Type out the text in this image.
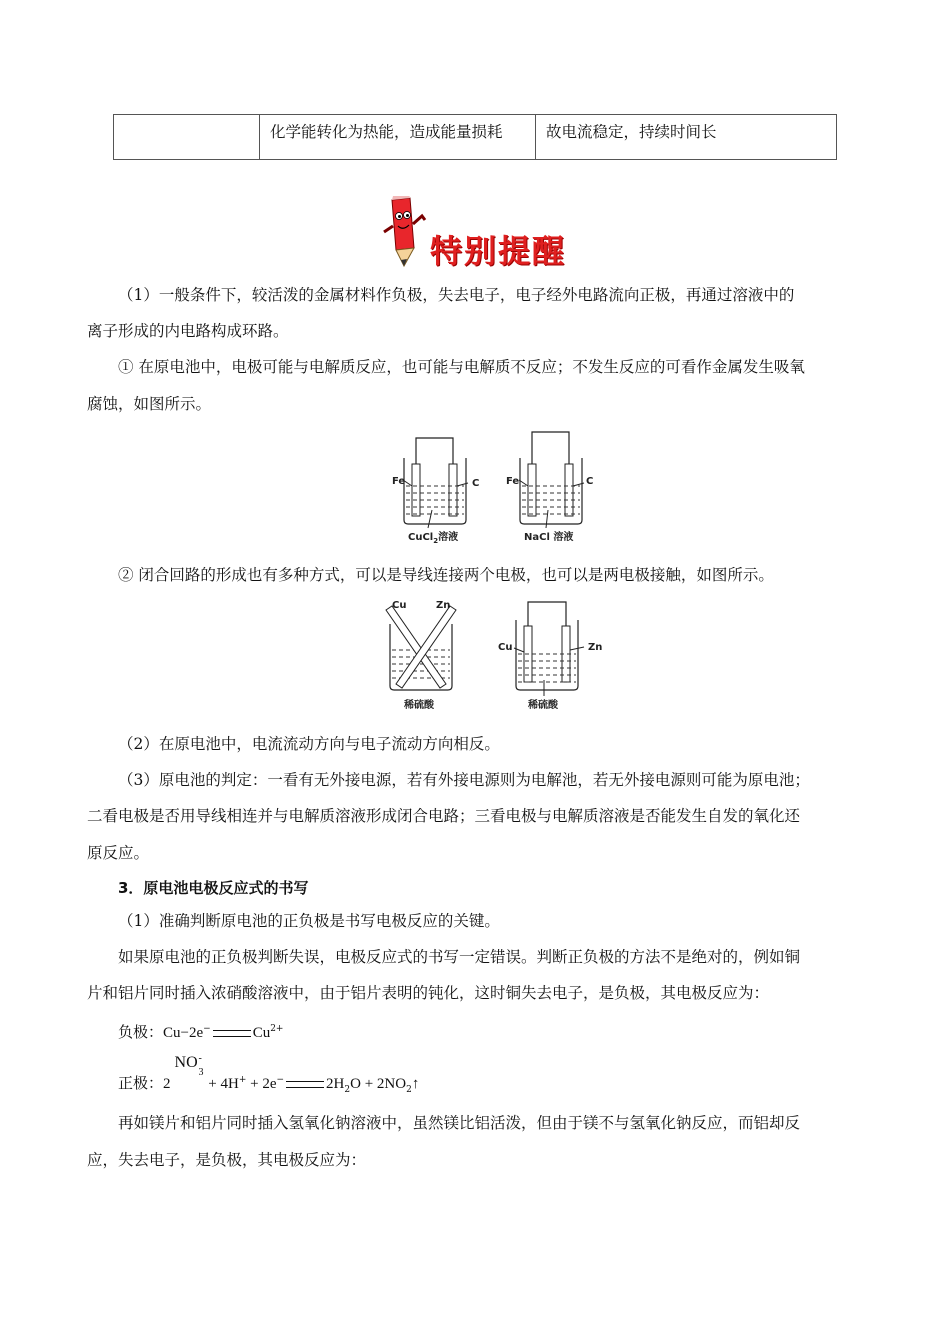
	化学能转化为热能，造成能量损耗	故电流稳定，持续时间长
特别提醒

（1）一般条件下，较活泼的金属材料作负极，失去电子，电子经外电路流向正极，再通过溶液中的

离子形成的内电路构成环路。

① 在原电池中，电极可能与电解质反应，也可能与电解质不反应；不发生反应的可看作金属发生吸氧

腐蚀，如图所示。

Fe	C
CuCl$_2$溶液
Fe	C
NaCl 溶液

② 闭合回路的形成也有多种方式，可以是导线连接两个电极，也可以是两电极接触，如图所示。

Cu	Zn
稀硫酸
Cu	Zn
稀硫酸

（2）在原电池中，电流流动方向与电子流动方向相反。

（3）原电池的判定：一看有无外接电源，若有外接电源则为电解池，若无外接电源则可能为原电池；

二看电极是否用导线相连并与电解质溶液形成闭合电路；三看电极与电解质溶液是否能发生自发的氧化还

原反应。

3．原电池电极反应式的书写

（1）准确判断原电池的正负极是书写电极反应的关键。

如果原电池的正负极判断失误，电极反应式的书写一定错误。判断正负极的方法不是绝对的，例如铜

片和铝片同时插入浓硝酸溶液中，由于铝片表明的钝化，这时铜失去电子，是负极，其电极反应为：

负极：Cu−2e−	$Cu^{2+}$
正极：2
NO -
3
+ 4H+ + 2e−	$2H_2O$ + $2NO_2↑$

再如镁片和铝片同时插入氢氧化钠溶液中，虽然镁比铝活泼，但由于镁不与氢氧化钠反应，而铝却反

应，失去电子，是负极，其电极反应为：
